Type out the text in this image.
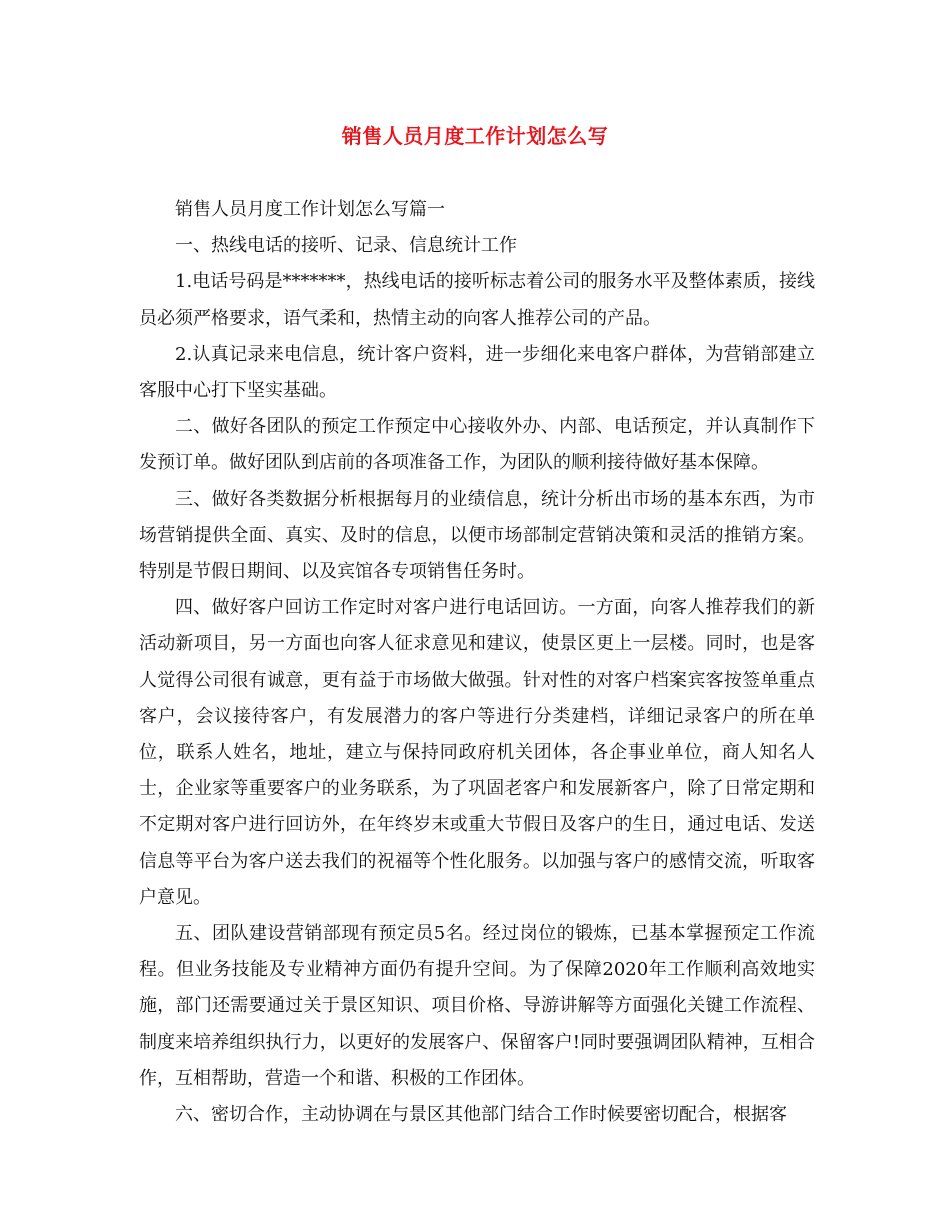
销售人员月度工作计划怎么写

销售人员月度工作计划怎么写篇一

一、热线电话的接听、记录、信息统计工作

1.电话号码是*******，热线电话的接听标志着公司的服务水平及整体素质，接线员必须严格要求，语气柔和，热情主动的向客人推荐公司的产品。

2.认真记录来电信息，统计客户资料，进一步细化来电客户群体，为营销部建立客服中心打下坚实基础。

二、做好各团队的预定工作预定中心接收外办、内部、电话预定，并认真制作下发预订单。做好团队到店前的各项准备工作，为团队的顺利接待做好基本保障。

三、做好各类数据分析根据每月的业绩信息，统计分析出市场的基本东西，为市场营销提供全面、真实、及时的信息，以便市场部制定营销决策和灵活的推销方案。特别是节假日期间、以及宾馆各专项销售任务时。

四、做好客户回访工作定时对客户进行电话回访。一方面，向客人推荐我们的新活动新项目，另一方面也向客人征求意见和建议，使景区更上一层楼。同时，也是客人觉得公司很有诚意，更有益于市场做大做强。针对性的对客户档案宾客按签单重点客户，会议接待客户，有发展潜力的客户等进行分类建档，详细记录客户的所在单位，联系人姓名，地址，建立与保持同政府机关团体，各企事业单位，商人知名人士，企业家等重要客户的业务联系，为了巩固老客户和发展新客户，除了日常定期和不定期对客户进行回访外，在年终岁末或重大节假日及客户的生日，通过电话、发送信息等平台为客户送去我们的祝福等个性化服务。以加强与客户的感情交流，听取客户意见。

五、团队建设营销部现有预定员5名。经过岗位的锻炼，已基本掌握预定工作流程。但业务技能及专业精神方面仍有提升空间。为了保障2020年工作顺利高效地实施，部门还需要通过关于景区知识、项目价格、导游讲解等方面强化关键工作流程、制度来培养组织执行力，以更好的发展客户、保留客户!同时要强调团队精神，互相合作，互相帮助，营造一个和谐、积极的工作团体。

六、密切合作，主动协调在与景区其他部门结合工作时候要密切配合，根据客
